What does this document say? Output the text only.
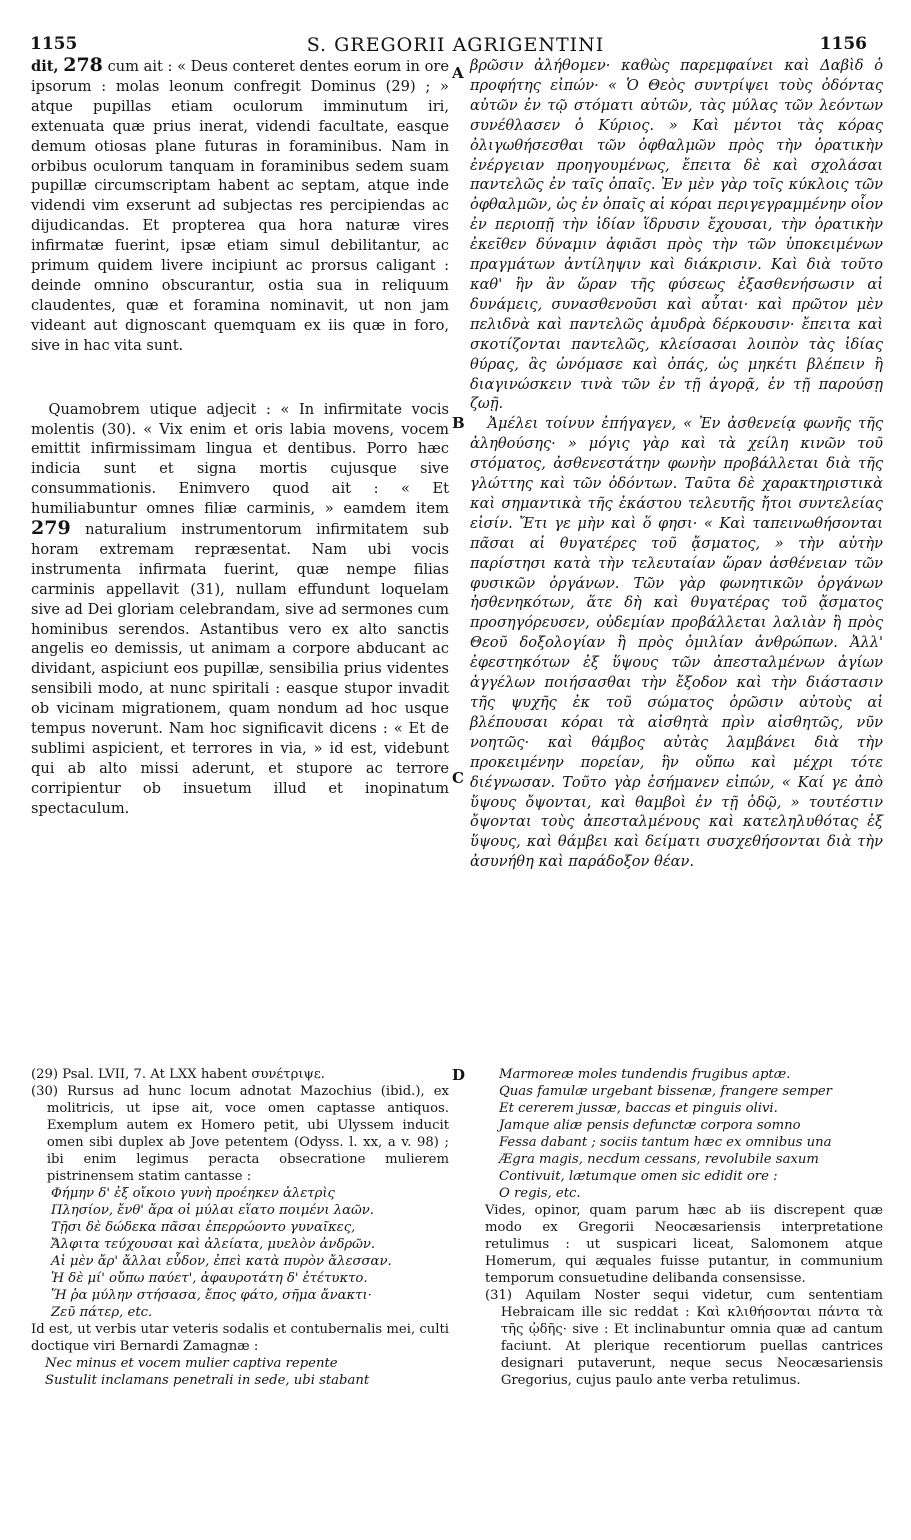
1155	S. GREGORII AGRIGENTINI	1156

dit, 278 cum ait : « Deus conteret dentes eorum in ore ipsorum : molas leonum confregit Dominus (29) ; » atque pupillas etiam oculorum imminutum iri, extenuata quæ prius inerat, videndi facultate, easque demum otiosas plane futuras in foraminibus. Nam in orbibus oculorum tanquam in foraminibus sedem suam pupillæ circumscriptam habent ac septam, atque inde videndi vim exserunt ad subjectas res percipiendas ac dijudicandas. Et propterea qua hora naturæ vires infirmatæ fuerint, ipsæ etiam simul debilitantur, ac primum quidem livere incipiunt ac prorsus caligant : deinde omnino obscurantur, ostia sua in reliquum claudentes, quæ et foramina nominavit, ut non jam videant aut dignoscant quemquam ex iis quæ in foro, sive in hac vita sunt.

Quamobrem utique adjecit : « In infirmitate vocis molentis (30). « Vix enim et oris labia movens, vocem emittit infirmissimam lingua et dentibus. Porro hæc indicia sunt et signa mortis cujusque sive consummationis. Enimvero quod ait : « Et humiliabuntur omnes filiæ carminis, » eamdem item 279 naturalium instrumentorum infirmitatem sub horam extremam repræsentat. Nam ubi vocis instrumenta infirmata fuerint, quæ nempe filias carminis appellavit (31), nullam effundunt loquelam sive ad Dei gloriam celebrandam, sive ad sermones cum hominibus serendos. Astantibus vero ex alto sanctis angelis eo demissis, ut animam a corpore abducant ac dividant, aspiciunt eos pupillæ, sensibilia prius videntes sensibili modo, at nunc spiritali : easque stupor invadit ob vicinam migrationem, quam nondum ad hoc usque tempus noverunt. Nam hoc significavit dicens : « Et de sublimi aspicient, et terrores in via, » id est, videbunt qui ab alto missi aderunt, et stupore ac terrore corripientur ob insuetum illud et inopinatum spectaculum.

A
B
C
D

βρῶσιν ἀλήθομεν· καθὼς παρεμφαίνει καὶ Δαβὶδ ὁ προφήτης εἰπών· « Ὁ Θεὸς συντρίψει τοὺς ὀδόντας αὐτῶν ἐν τῷ στόματι αὐτῶν, τὰς μύλας τῶν λεόντων συνέθλασεν ὁ Κύριος. » Καὶ μέντοι τὰς κόρας ὀλιγωθήσεσθαι τῶν ὀφθαλμῶν πρὸς τὴν ὁρατικὴν ἐνέργειαν προηγουμένως, ἔπειτα δὲ καὶ σχολάσαι παντελῶς ἐν ταῖς ὀπαῖς. Ἐν μὲν γὰρ τοῖς κύκλοις τῶν ὀφθαλμῶν, ὡς ἐν ὀπαῖς αἱ κόραι περιγεγραμμένην οἷον ἐν περιοπῇ τὴν ἰδίαν ἵδρυσιν ἔχουσαι, τὴν ὁρατικὴν ἐκεῖθεν δύναμιν ἀφιᾶσι πρὸς τὴν τῶν ὑποκειμένων πραγμάτων ἀντίληψιν καὶ διάκρισιν. Καὶ διὰ τοῦτο καθ' ἣν ἂν ὥραν τῆς φύσεως ἐξασθενήσωσιν αἱ δυνάμεις, συνασθενοῦσι καὶ αὗται· καὶ πρῶτον μὲν πελιδνὰ καὶ παντελῶς ἀμυδρὰ δέρκουσιν· ἔπειτα καὶ σκοτίζονται παντελῶς, κλείσασαι λοιπὸν τὰς ἰδίας θύρας, ἃς ὠνόμασε καὶ ὀπάς, ὡς μηκέτι βλέπειν ἢ διαγινώσκειν τινὰ τῶν ἐν τῇ ἀγορᾷ, ἐν τῇ παρούσῃ ζωῇ.

Ἀμέλει τοίνυν ἐπήγαγεν, « Ἐν ἀσθενείᾳ φωνῆς τῆς ἀληθούσης· » μόγις γὰρ καὶ τὰ χείλη κινῶν τοῦ στόματος, ἀσθενεστάτην φωνὴν προβάλλεται διὰ τῆς γλώττης καὶ τῶν ὀδόντων. Ταῦτα δὲ χαρακτηριστικὰ καὶ σημαντικὰ τῆς ἑκάστου τελευτῆς ἤτοι συντελείας εἰσίν. Ἔτι γε μὴν καὶ ὅ φησι· « Καὶ ταπεινωθήσονται πᾶσαι αἱ θυγατέρες τοῦ ᾄσματος, » τὴν αὐτὴν παρίστησι κατὰ τὴν τελευταίαν ὥραν ἀσθένειαν τῶν φυσικῶν ὀργάνων. Τῶν γὰρ φωνητικῶν ὀργάνων ἠσθενηκότων, ἅτε δὴ καὶ θυγατέρας τοῦ ᾄσματος προσηγόρευσεν, οὐδεμίαν προβάλλεται λαλιὰν ἢ πρὸς Θεοῦ δοξολογίαν ἢ πρὸς ὁμιλίαν ἀνθρώπων. Ἀλλ' ἐφεστηκότων ἐξ ὕψους τῶν ἀπεσταλμένων ἁγίων ἀγγέλων ποιήσασθαι τὴν ἔξοδον καὶ τὴν διάστασιν τῆς ψυχῆς ἐκ τοῦ σώματος ὁρῶσιν αὐτοὺς αἱ βλέπουσαι κόραι τὰ αἰσθητὰ πρὶν αἰσθητῶς, νῦν νοητῶς· καὶ θάμβος αὐτὰς λαμβάνει διὰ τὴν προκειμένην πορείαν, ἣν οὔπω καὶ μέχρι τότε διέγνωσαν. Τοῦτο γὰρ ἐσήμανεν εἰπών, « Καί γε ἀπὸ ὕψους ὄψονται, καὶ θαμβοὶ ἐν τῇ ὁδῷ, » τουτέστιν ὄψονται τοὺς ἀπεσταλμένους καὶ κατεληλυθότας ἐξ ὕψους, καὶ θάμβει καὶ δείματι συσχεθήσονται διὰ τὴν ἀσυνήθη καὶ παράδοξον θέαν.

(29) Psal. LVII, 7. At LXX habent συνέτριψε.

(30) Rursus ad hunc locum adnotat Mazochius (ibid.), ex molitricis, ut ipse ait, voce omen captasse antiquos. Exemplum autem ex Homero petit, ubi Ulyssem inducit omen sibi duplex ab Jove petentem (Odyss. l. xx, a v. 98) ; ibi enim legimus peracta obsecratione mulierem pistrinensem statim cantasse :

Φήμην δ' ἐξ οἴκοιο γυνὴ προέηκεν ἀλετρὶς

Πλησίον, ἔνθ' ἄρα οἱ μύλαι εἵατο ποιμένι λαῶν.

Τῇσι δὲ δώδεκα πᾶσαι ἐπερρώοντο γυναῖκες,

Ἄλφιτα τεύχουσαι καὶ ἀλείατα, μυελὸν ἀνδρῶν.

Αἱ μὲν ἄρ' ἄλλαι εὗδον, ἐπεὶ κατὰ πυρὸν ἄλεσσαν.

Ἡ δὲ μί' οὔπω παύετ', ἀφαυροτάτη δ' ἐτέτυκτο.

Ἥ ῥα μύλην στήσασα, ἔπος φάτο, σῆμα ἄνακτι·

Ζεῦ πάτερ, etc.

Id est, ut verbis utar veteris sodalis et contubernalis mei, culti doctique viri Bernardi Zamagnæ :

Nec minus et vocem mulier captiva repente

Sustulit inclamans penetrali in sede, ubi stabant

Marmoreæ moles tundendis frugibus aptæ.

Quas famulæ urgebant bissenæ, frangere semper

Et cererem jussæ, baccas et pinguis olivi.

Jamque aliæ pensis defunctæ corpora somno

Fessa dabant ; sociis tantum hæc ex omnibus una

Ægra magis, necdum cessans, revolubile saxum

Contivuit, lætumque omen sic edidit ore :

O regis, etc.

Vides, opinor, quam parum hæc ab iis discrepent quæ modo ex Gregorii Neocæsariensis interpretatione retulimus : ut suspicari liceat, Salomonem atque Homerum, qui æquales fuisse putantur, in communium temporum consuetudine delibanda consensisse.

(31) Aquilam Noster sequi videtur, cum sententiam Hebraicam ille sic reddat : Καὶ κλιθήσονται πάντα τὰ τῆς ᾠδῆς· sive : Et inclinabuntur omnia quæ ad cantum faciunt. At plerique recentiorum puellas cantrices designari putaverunt, neque secus Neocæsariensis Gregorius, cujus paulo ante verba retulimus.
